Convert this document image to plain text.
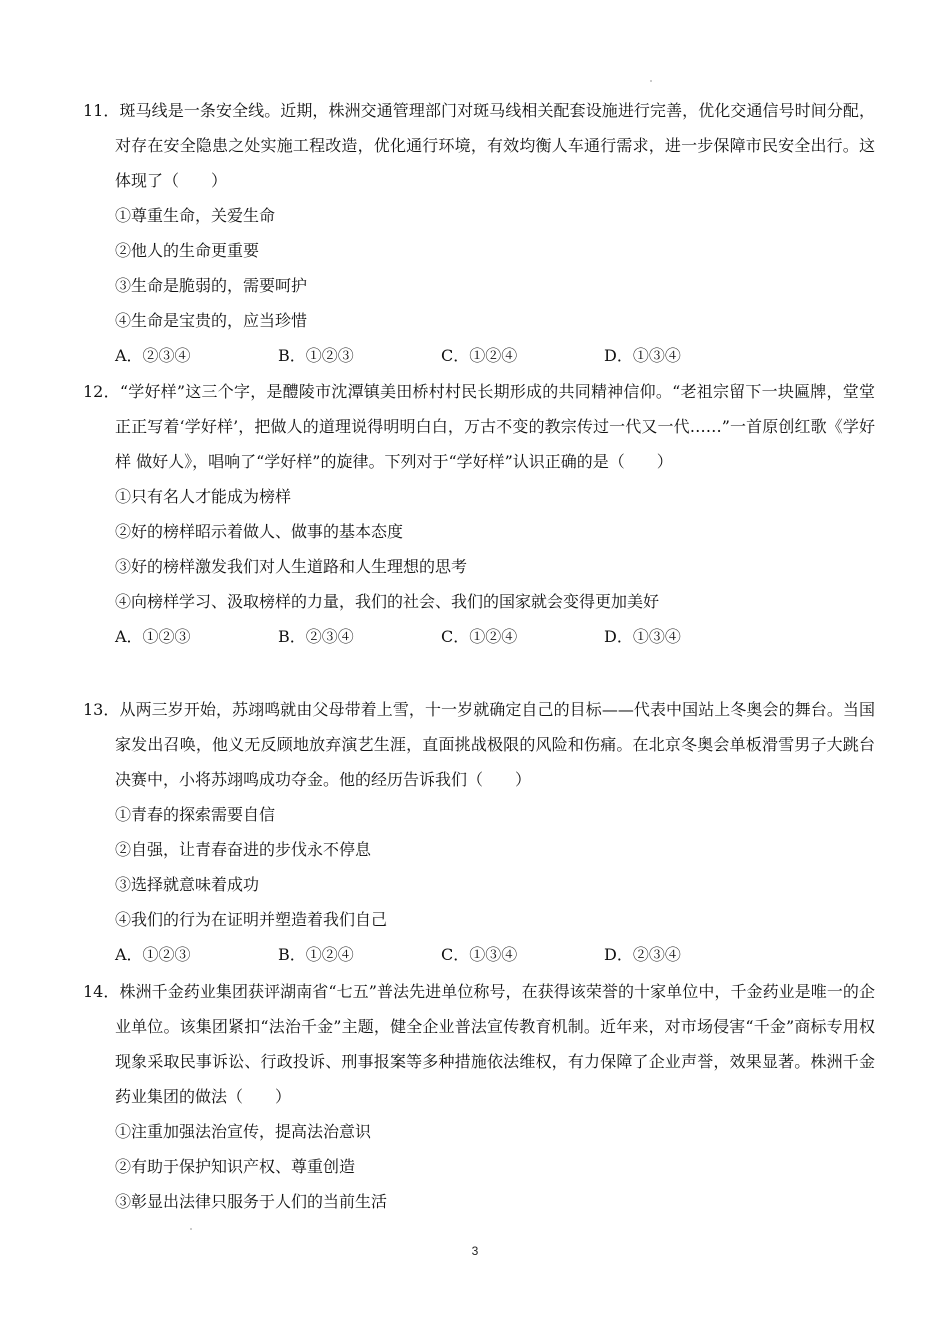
11．斑马线是一条安全线。近期，株洲交通管理部门对斑马线相关配套设施进行完善，优化交通信号时间分配，对存在安全隐患之处实施工程改造，优化通行环境，有效均衡人车通行需求，进一步保障市民安全出行。这体现了（　　）

①尊重生命，关爱生命

②他人的生命更重要

③生命是脆弱的，需要呵护

④生命是宝贵的，应当珍惜

A．②③④	B．①②③	C．①②④	D．①③④

12．“学好样”这三个字，是醴陵市沈潭镇美田桥村村民长期形成的共同精神信仰。“老祖宗留下一块匾牌，堂堂正正写着‘学好样’，把做人的道理说得明明白白，万古不变的教宗传过一代又一代……”一首原创红歌《学好样 做好人》，唱响了“学好样”的旋律。下列对于“学好样”认识正确的是（　　）

①只有名人才能成为榜样

②好的榜样昭示着做人、做事的基本态度

③好的榜样激发我们对人生道路和人生理想的思考

④向榜样学习、汲取榜样的力量，我们的社会、我们的国家就会变得更加美好

A．①②③	B．②③④	C．①②④	D．①③④

13．从两三岁开始，苏翊鸣就由父母带着上雪，十一岁就确定自己的目标——代表中国站上冬奥会的舞台。当国家发出召唤，他义无反顾地放弃演艺生涯，直面挑战极限的风险和伤痛。在北京冬奥会单板滑雪男子大跳台决赛中，小将苏翊鸣成功夺金。他的经历告诉我们（　　）

①青春的探索需要自信

②自强，让青春奋进的步伐永不停息

③选择就意味着成功

④我们的行为在证明并塑造着我们自己

A．①②③	B．①②④	C．①③④	D．②③④

14．株洲千金药业集团获评湖南省“七五”普法先进单位称号，在获得该荣誉的十家单位中，千金药业是唯一的企业单位。该集团紧扣“法治千金”主题，健全企业普法宣传教育机制。近年来，对市场侵害“千金”商标专用权现象采取民事诉讼、行政投诉、刑事报案等多种措施依法维权，有力保障了企业声誉，效果显著。株洲千金药业集团的做法（　　）

①注重加强法治宣传，提高法治意识

②有助于保护知识产权、尊重创造

③彰显出法律只服务于人们的当前生活

3
